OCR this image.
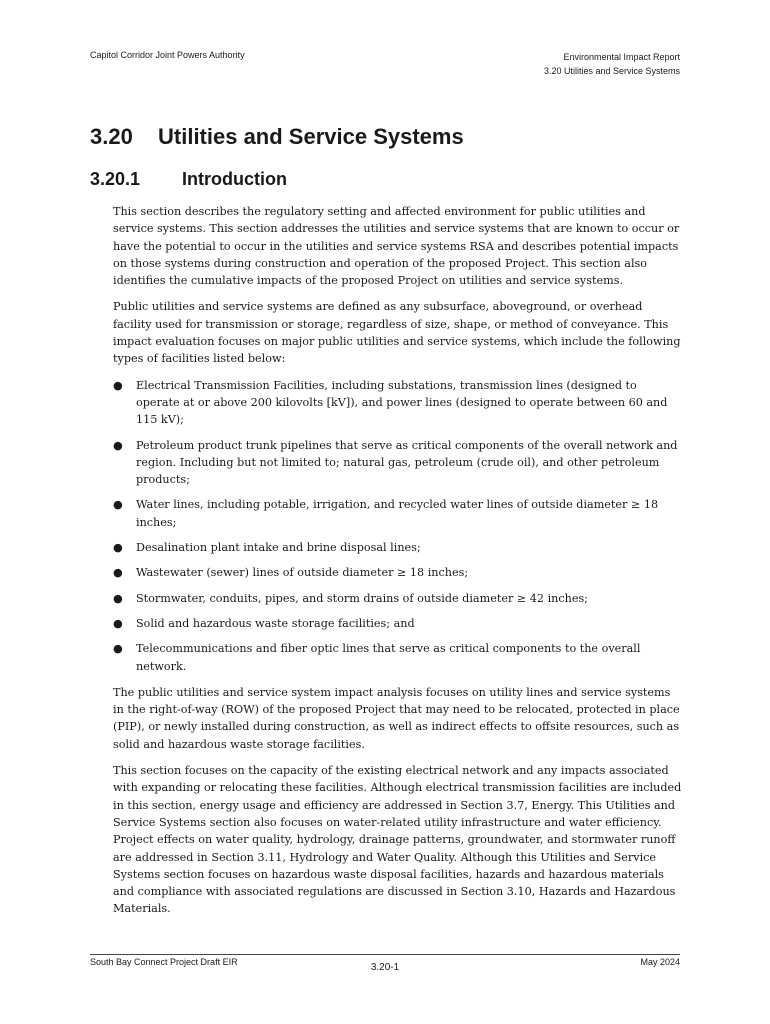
Capitol Corridor Joint Powers Authority	Environmental Impact Report
3.20 Utilities and Service Systems
3.20 Utilities and Service Systems
3.20.1 Introduction

This section describes the regulatory setting and affected environment for public utilities and service systems. This section addresses the utilities and service systems that are known to occur or have the potential to occur in the utilities and service systems RSA and describes potential impacts on those systems during construction and operation of the proposed Project. This section also identifies the cumulative impacts of the proposed Project on utilities and service systems.

Public utilities and service systems are defined as any subsurface, aboveground, or overhead facility used for transmission or storage, regardless of size, shape, or method of conveyance. This impact evaluation focuses on major public utilities and service systems, which include the following types of facilities listed below:

● Electrical Transmission Facilities, including substations, transmission lines (designed to operate at or above 200 kilovolts [kV]), and power lines (designed to operate between 60 and 115 kV);
● Petroleum product trunk pipelines that serve as critical components of the overall network and region. Including but not limited to; natural gas, petroleum (crude oil), and other petroleum products;
● Water lines, including potable, irrigation, and recycled water lines of outside diameter ≥ 18 inches;
● Desalination plant intake and brine disposal lines;
● Wastewater (sewer) lines of outside diameter ≥ 18 inches;
● Stormwater, conduits, pipes, and storm drains of outside diameter ≥ 42 inches;
● Solid and hazardous waste storage facilities; and
● Telecommunications and fiber optic lines that serve as critical components to the overall network.

The public utilities and service system impact analysis focuses on utility lines and service systems in the right-of-way (ROW) of the proposed Project that may need to be relocated, protected in place (PIP), or newly installed during construction, as well as indirect effects to offsite resources, such as solid and hazardous waste storage facilities.

This section focuses on the capacity of the existing electrical network and any impacts associated with expanding or relocating these facilities. Although electrical transmission facilities are included in this section, energy usage and efficiency are addressed in Section 3.7, Energy. This Utilities and Service Systems section also focuses on water-related utility infrastructure and water efficiency. Project effects on water quality, hydrology, drainage patterns, groundwater, and stormwater runoff are addressed in Section 3.11, Hydrology and Water Quality. Although this Utilities and Service Systems section focuses on hazardous waste disposal facilities, hazards and hazardous materials and compliance with associated regulations are discussed in Section 3.10, Hazards and Hazardous Materials.

South Bay Connect Project Draft EIR	3.20-1	May 2024
